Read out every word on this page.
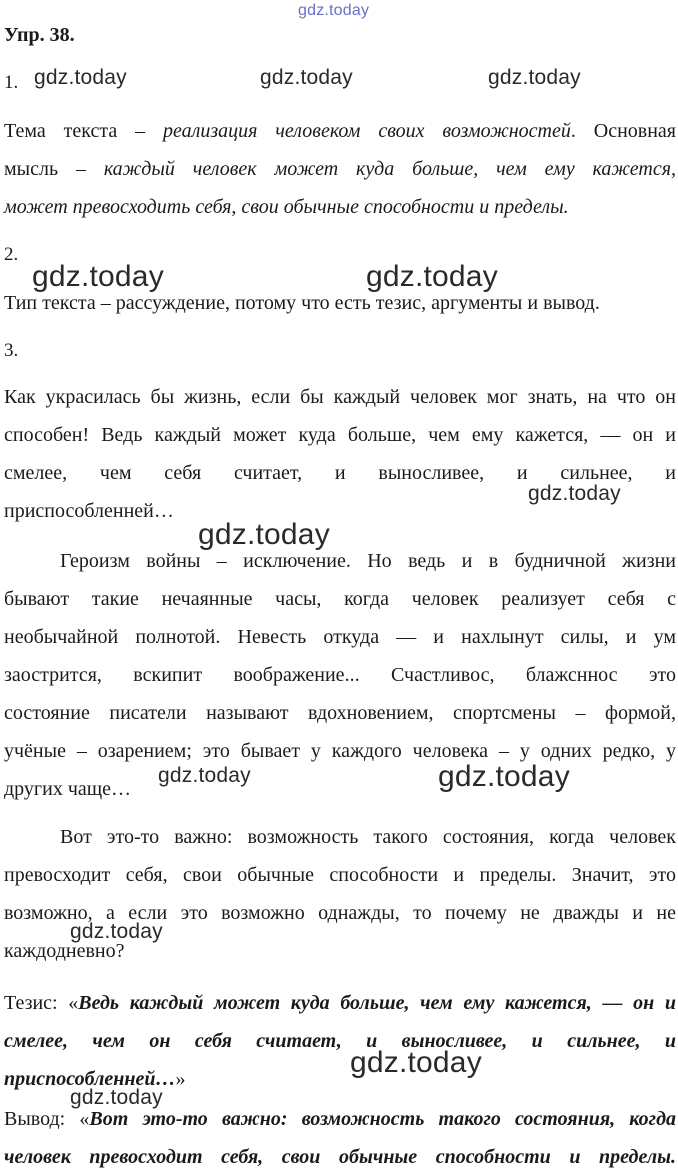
gdz.today
gdz.today	gdz.today	gdz.today
gdz.today	gdz.today
gdz.today
gdz.today
gdz.today	gdz.today
gdz.today
gdz.today
gdz.today
Упр. 38.
1.
Тема текста – реализация человеком своих возможностей. Основная
мысль – каждый человек может куда больше, чем ему кажется,
может превосходить себя, свои обычные способности и пределы.
2.
Тип текста – рассуждение, потому что есть тезис, аргументы и вывод.
3.
Как украсилась бы жизнь, если бы каждый человек мог знать, на что он
способен! Ведь каждый может куда больше, чем ему кажется, — он и
смелее, чем себя считает, и выносливее, и сильнее, и
приспособленней…
Героизм войны – исключение. Но ведь и в будничной жизни
бывают такие нечаянные часы, когда человек реализует себя с
необычайной полнотой. Невесть откуда — и нахлынут силы, и ум
заострится, вскипит воображение... Счастливос, блажсннос это
состояние писатели называют вдохновением, спортсмены – формой,
учёные – озарением; это бывает у каждого человека – у одних редко, у
других чаще…
Вот это-то важно: возможность такого состояния, когда человек
превосходит себя, свои обычные способности и пределы. Значит, это
возможно, а если это возможно однажды, то почему не дважды и не
каждодневно?
Тезис: «Ведь каждый может куда больше, чем ему кажется, — он и
смелее, чем он себя считает, и выносливее, и сильнее, и
приспособленней…»
Вывод: «Вот это-то важно: возможность такого состояния, когда
человек превосходит себя, свои обычные способности и пределы.
